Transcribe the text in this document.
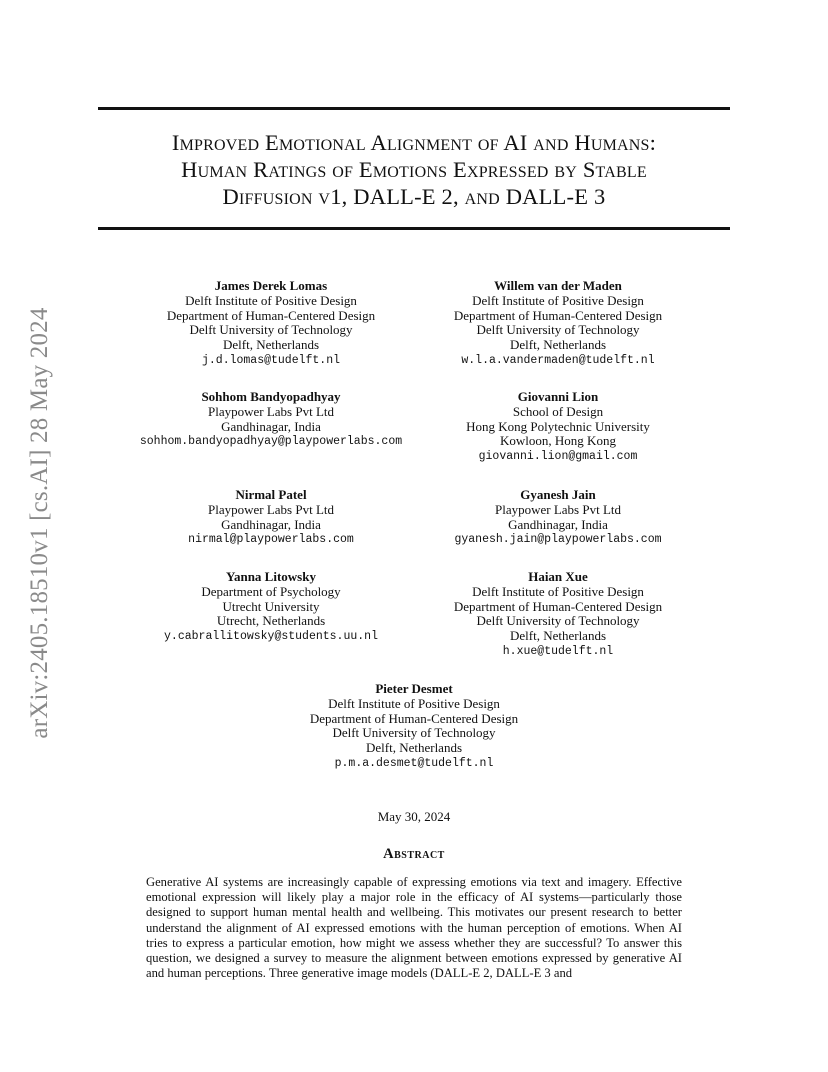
arXiv:2405.18510v1 [cs.AI] 28 May 2024
Improved Emotional Alignment of AI and Humans:
Human Ratings of Emotions Expressed by Stable
Diffusion v1, DALL-E 2, and DALL-E 3
James Derek Lomas
Delft Institute of Positive Design
Department of Human-Centered Design
Delft University of Technology
Delft, Netherlands
j.d.lomas@tudelft.nl
Willem van der Maden
Delft Institute of Positive Design
Department of Human-Centered Design
Delft University of Technology
Delft, Netherlands
w.l.a.vandermaden@tudelft.nl
Sohhom Bandyopadhyay
Playpower Labs Pvt Ltd
Gandhinagar, India
sohhom.bandyopadhyay@playpowerlabs.com
Giovanni Lion
School of Design
Hong Kong Polytechnic University
Kowloon, Hong Kong
giovanni.lion@gmail.com
Nirmal Patel
Playpower Labs Pvt Ltd
Gandhinagar, India
nirmal@playpowerlabs.com
Gyanesh Jain
Playpower Labs Pvt Ltd
Gandhinagar, India
gyanesh.jain@playpowerlabs.com
Yanna Litowsky
Department of Psychology
Utrecht University
Utrecht, Netherlands
y.cabrallitowsky@students.uu.nl
Haian Xue
Delft Institute of Positive Design
Department of Human-Centered Design
Delft University of Technology
Delft, Netherlands
h.xue@tudelft.nl
Pieter Desmet
Delft Institute of Positive Design
Department of Human-Centered Design
Delft University of Technology
Delft, Netherlands
p.m.a.desmet@tudelft.nl
May 30, 2024
Abstract
Generative AI systems are increasingly capable of expressing emotions via text and imagery. Effective emotional expression will likely play a major role in the efficacy of AI systems—particularly those designed to support human mental health and wellbeing. This motivates our present research to better understand the alignment of AI expressed emotions with the human perception of emotions. When AI tries to express a particular emotion, how might we assess whether they are successful? To answer this question, we designed a survey to measure the alignment between emotions expressed by generative AI and human perceptions. Three generative image models (DALL-E 2, DALL-E 3 and
